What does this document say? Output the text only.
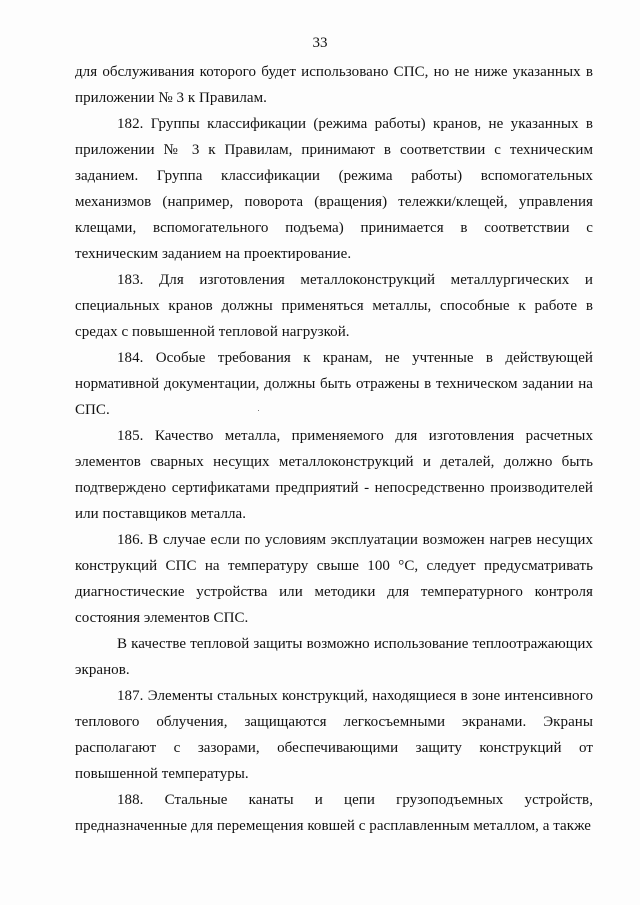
33

для обслуживания которого будет использовано СПС, но не ниже указанных в приложении № 3 к Правилам.

182. Группы классификации (режима работы) кранов, не указанных в приложении № 3 к Правилам, принимают в соответствии с техническим заданием. Группа классификации (режима работы) вспомогательных механизмов (например, поворота (вращения) тележки/клещей, управления клещами, вспомогательного подъема) принимается в соответствии с техническим заданием на проектирование.

183. Для изготовления металлоконструкций металлургических и специальных кранов должны применяться металлы, способные к работе в средах с повышенной тепловой нагрузкой.

184. Особые требования к кранам, не учтенные в действующей нормативной документации, должны быть отражены в техническом задании на СПС.

185. Качество металла, применяемого для изготовления расчетных элементов сварных несущих металлоконструкций и деталей, должно быть подтверждено сертификатами предприятий - непосредственно производителей или поставщиков металла.

186. В случае если по условиям эксплуатации возможен нагрев несущих конструкций СПС на температуру свыше 100 °С, следует предусматривать диагностические устройства или методики для температурного контроля состояния элементов СПС.

В качестве тепловой защиты возможно использование теплоотражающих экранов.

187. Элементы стальных конструкций, находящиеся в зоне интенсивного теплового облучения, защищаются легкосъемными экранами. Экраны располагают с зазорами, обеспечивающими защиту конструкций от повышенной температуры.

188. Стальные канаты и цепи грузоподъемных устройств, предназначенные для перемещения ковшей с расплавленным металлом, а также
